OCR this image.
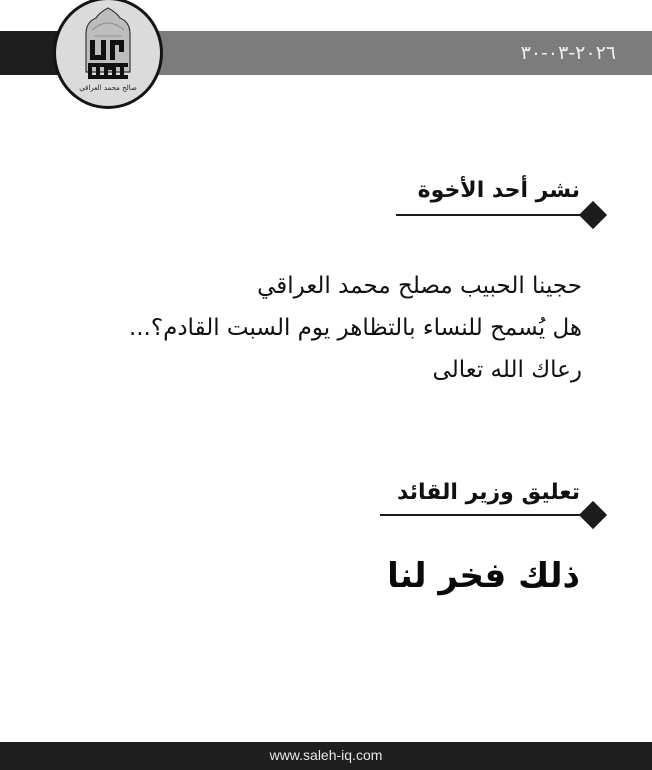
٢٠٢٦-٠٣-٣٠
صالح محمد العراقي
نشر أحد الأخوة
حجينا الحبيب مصلح محمد العراقي
هل يُسمح للنساء بالتظاهر يوم السبت القادم؟...
رعاك الله تعالى
تعليق وزير القائد
ذلك فخر لنا
www.saleh-iq.com
